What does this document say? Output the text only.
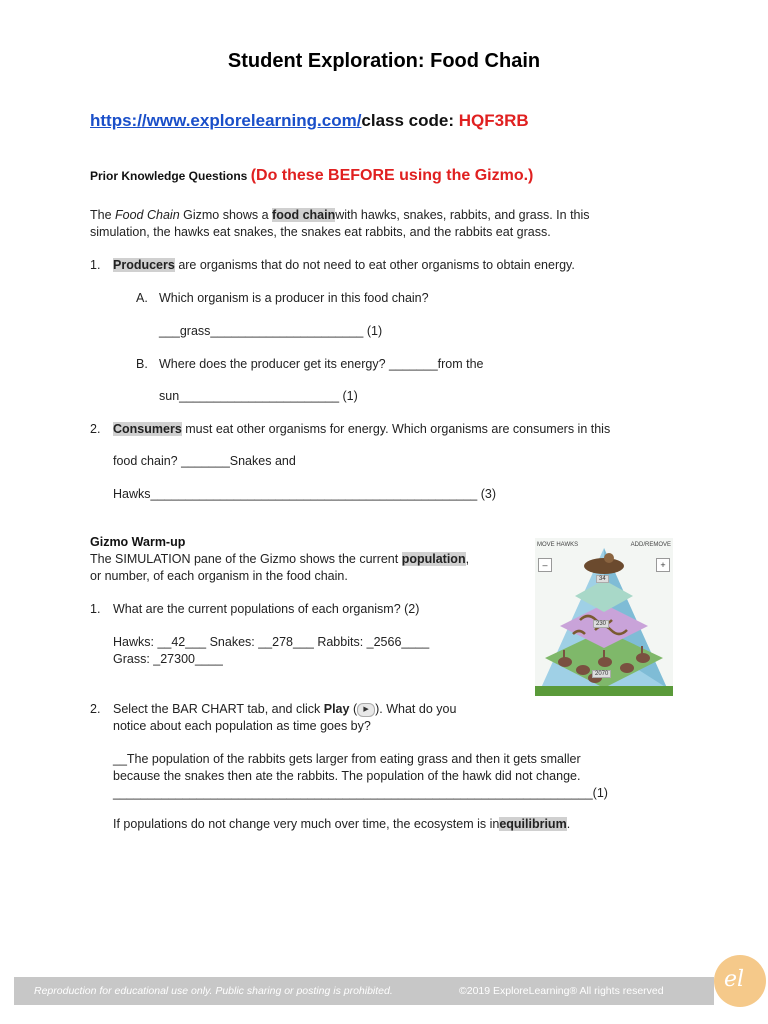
Student Exploration: Food Chain
https://www.explorelearning.com/class code: HQF3RB
Prior Knowledge Questions (Do these BEFORE using the Gizmo.)
The Food Chain Gizmo shows a food chainwith hawks, snakes, rabbits, and grass. In this
simulation, the hawks eat snakes, the snakes eat rabbits, and the rabbits eat grass.
1. Producers are organisms that do not need to eat other organisms to obtain energy.
A. Which organism is a producer in this food chain?
___grass______________________ (1)
B. Where does the producer get its energy? _______from the
sun_______________________ (1)
2. Consumers must eat other organisms for energy. Which organisms are consumers in this
food chain? _______Snakes and
Hawks_______________________________________________ (3)
Gizmo Warm-up
The SIMULATION pane of the Gizmo shows the current population,
or number, of each organism in the food chain.
1. What are the current populations of each organism? (2)
Hawks: __42___ Snakes: __278___ Rabbits: _2566____
Grass: _27300____
2. Select the BAR CHART tab, and click Play ( ▶ ). What do you
notice about each population as time goes by?
__The population of the rabbits gets larger from eating grass and then it gets smaller
because the snakes then ate the rabbits. The population of the hawk did not change.
_____________________________________________________________________(1)
If populations do not change very much over time, the ecosystem is inequilibrium.
MOVE HAWKS	ADD/REMOVE
–	+
34
230
2070
Reproduction for educational use only. Public sharing or posting is prohibited.	©2019 ExploreLearning® All rights reserved	el
